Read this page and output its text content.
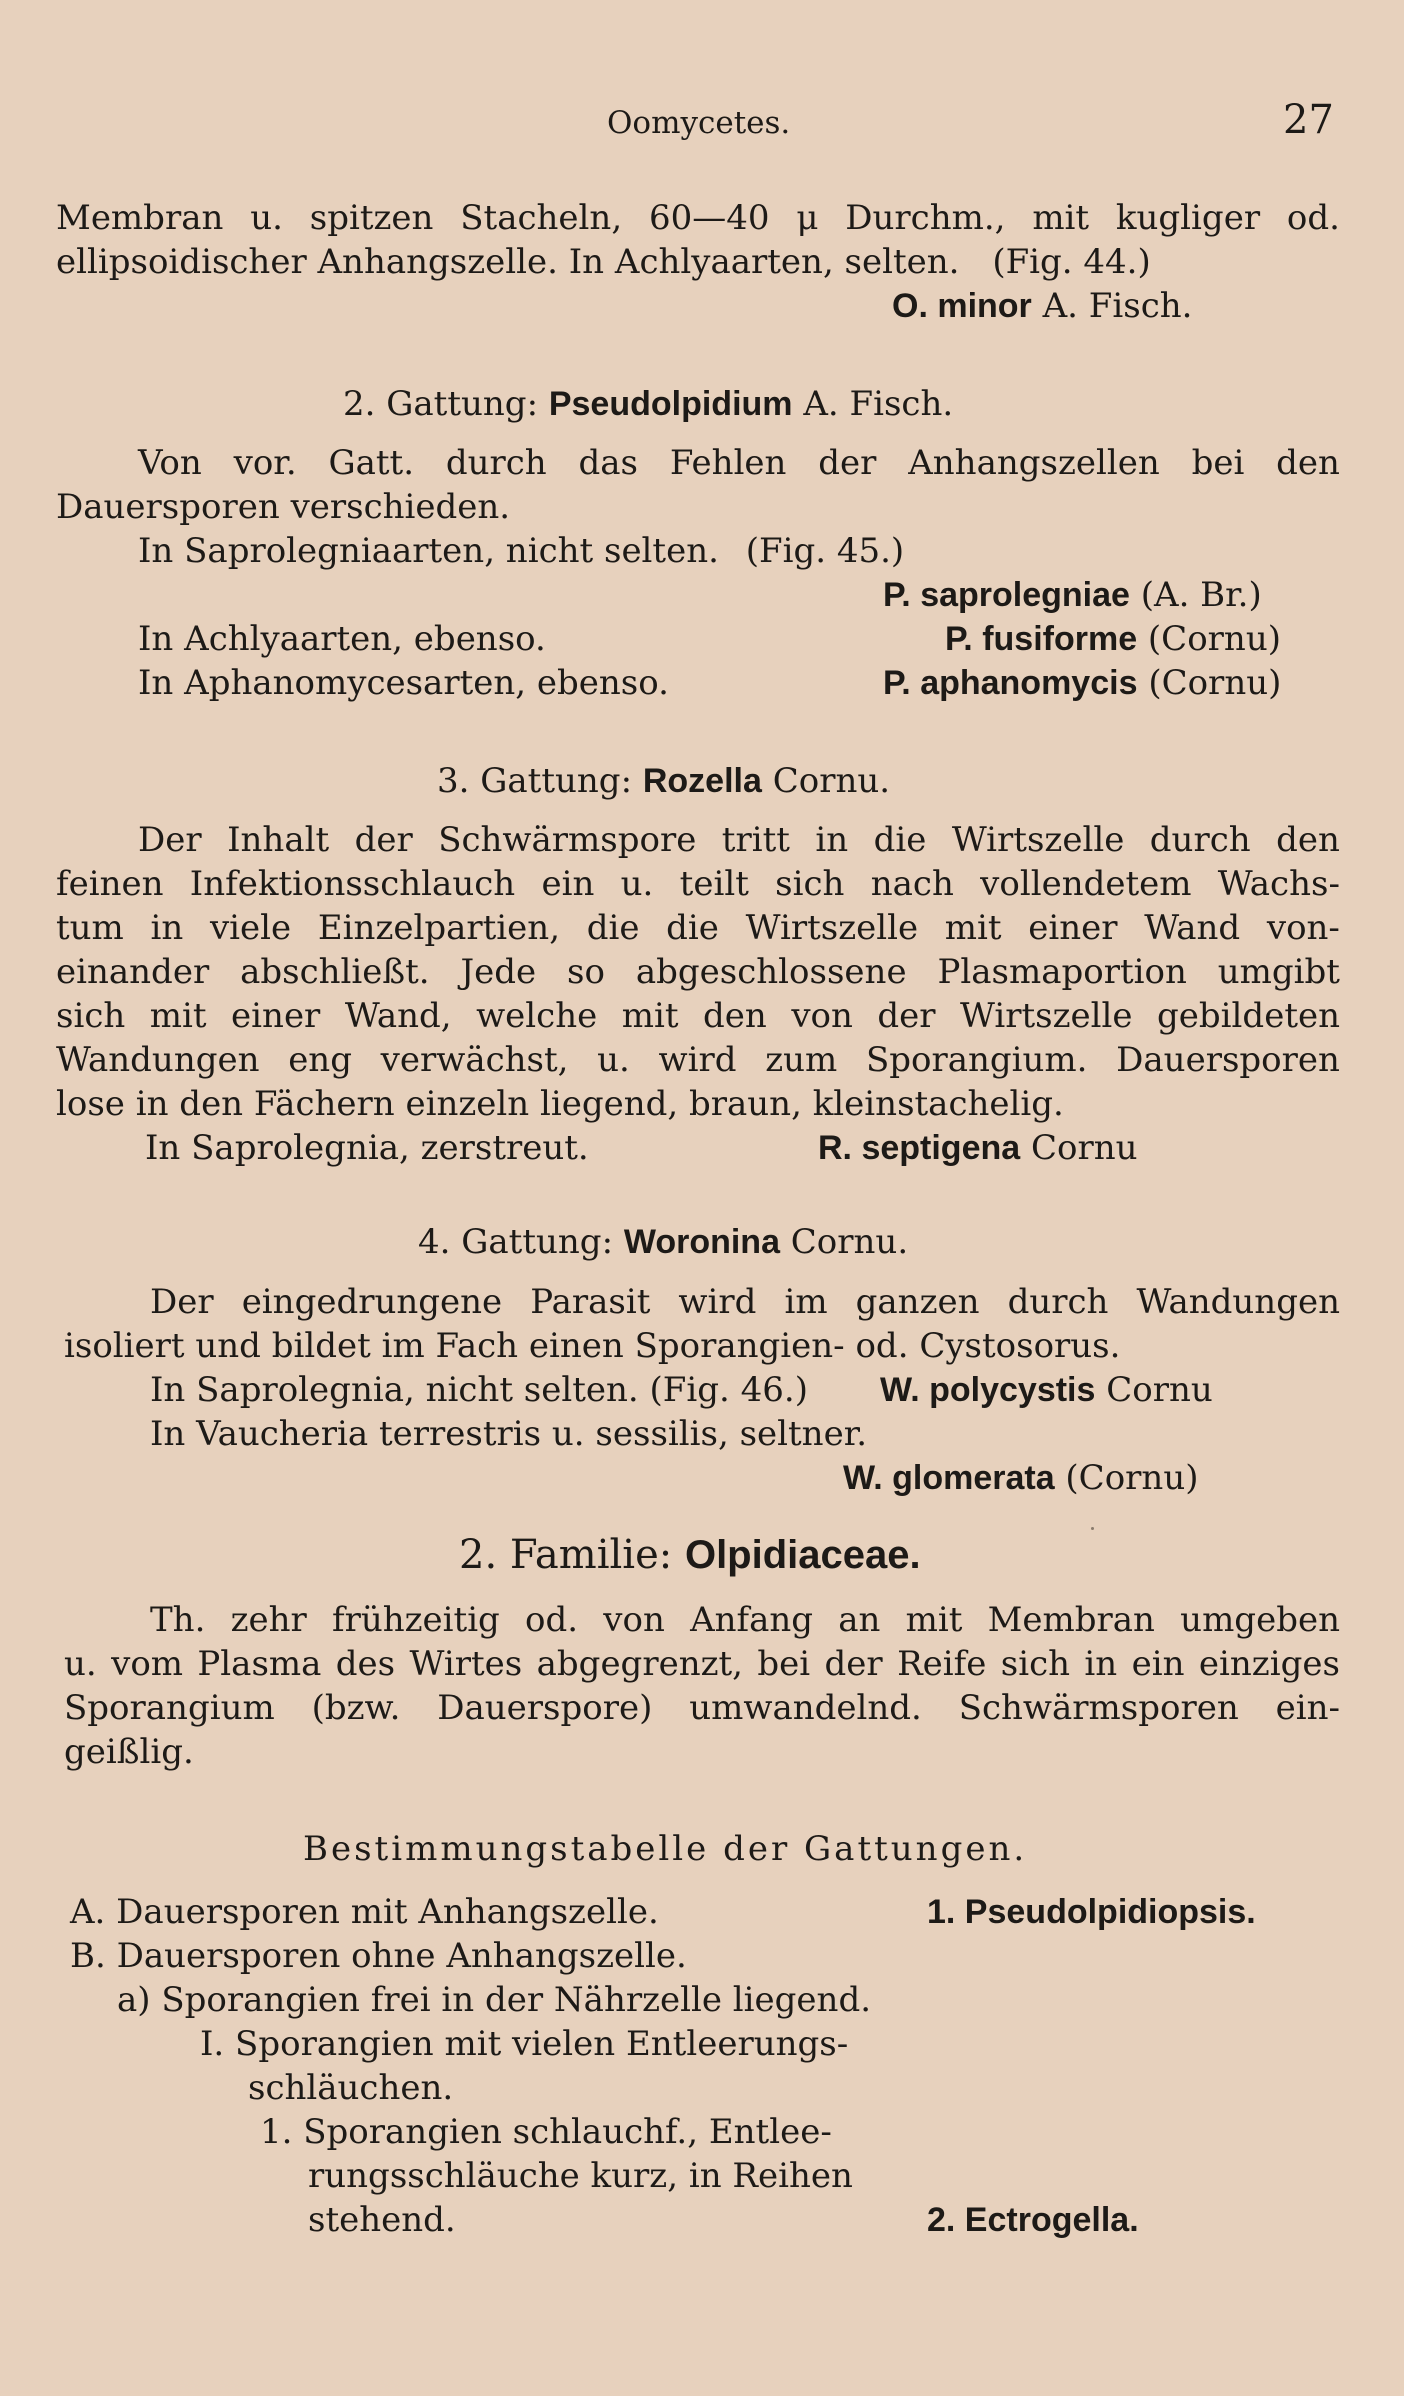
Oomycetes.	27
Membran u. spitzen Stacheln, 60—40 μ Durchm., mit kugliger od.
ellipsoidischer Anhangszelle. In Achlyaarten, selten. (Fig. 44.)
O. minor A. Fisch.
2. Gattung: Pseudolpidium A. Fisch.
Von vor. Gatt. durch das Fehlen der Anhangszellen bei den
Dauersporen verschieden.
In Saprolegniaarten, nicht selten. (Fig. 45.)
P. saprolegniae (A. Br.)
In Achlyaarten, ebenso.	P. fusiforme (Cornu)
In Aphanomycesarten, ebenso.	P. aphanomycis (Cornu)
3. Gattung: Rozella Cornu.
Der Inhalt der Schwärmspore tritt in die Wirtszelle durch den
feinen Infektionsschlauch ein u. teilt sich nach vollendetem Wachs-
tum in viele Einzelpartien, die die Wirtszelle mit einer Wand von-
einander abschließt. Jede so abgeschlossene Plasmaportion umgibt
sich mit einer Wand, welche mit den von der Wirtszelle gebildeten
Wandungen eng verwächst, u. wird zum Sporangium. Dauersporen
lose in den Fächern einzeln liegend, braun, kleinstachelig.
In Saprolegnia, zerstreut.	R. septigena Cornu
4. Gattung: Woronina Cornu.
Der eingedrungene Parasit wird im ganzen durch Wandungen
isoliert und bildet im Fach einen Sporangien- od. Cystosorus.
In Saprolegnia, nicht selten. (Fig. 46.) W. polycystis Cornu
In Vaucheria terrestris u. sessilis, seltner.
W. glomerata (Cornu)
2. Familie: Olpidiaceae.
Th. zehr frühzeitig od. von Anfang an mit Membran umgeben
u. vom Plasma des Wirtes abgegrenzt, bei der Reife sich in ein einziges
Sporangium (bzw. Dauerspore) umwandelnd. Schwärmsporen ein-
geißlig.
Bestimmungstabelle der Gattungen.
A. Dauersporen mit Anhangszelle.	1. Pseudolpidiopsis.
B. Dauersporen ohne Anhangszelle.
a) Sporangien frei in der Nährzelle liegend.
I. Sporangien mit vielen Entleerungs-
schläuchen.
1. Sporangien schlauchf., Entlee-
rungsschläuche kurz, in Reihen
stehend.	2. Ectrogella.
